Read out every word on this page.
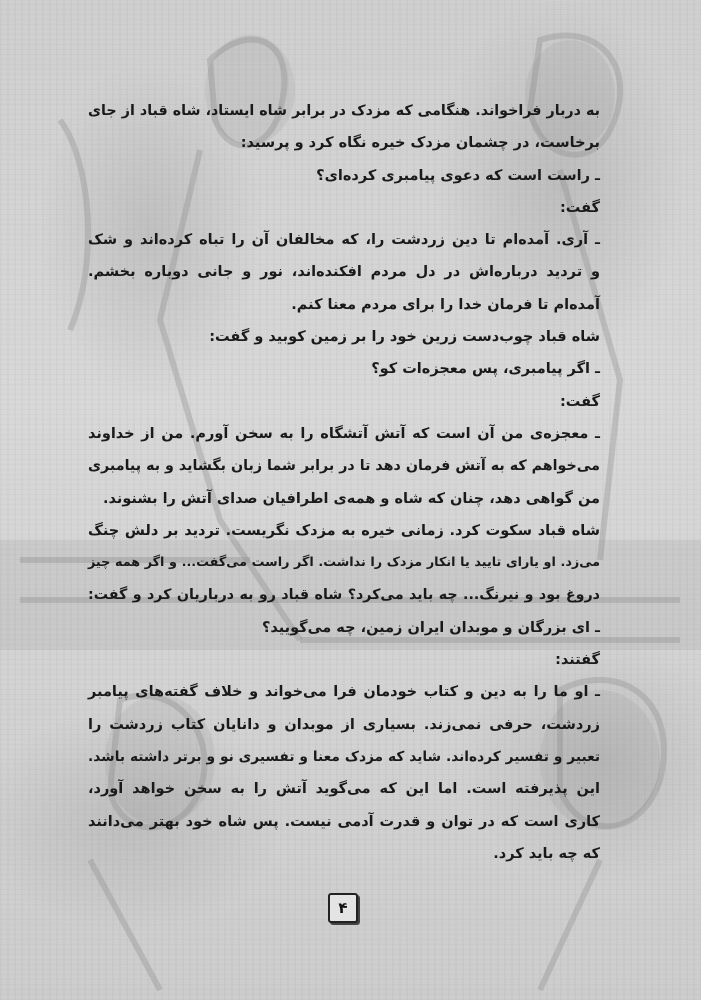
به دربار فراخواند. هنگامی که مزدک در برابر شاه ایستاد، شاه قباد از جای
برخاست، در چشمان مزدک خیره نگاه کرد و پرسید:
ـ راست است که دعوی پیامبری کرده‌ای؟
گفت:
ـ آری. آمده‌ام تا دین زردشت را، که مخالفان آن را تباه کرده‌اند و شک
و تردید درباره‌اش در دل مردم افکنده‌اند، نور و جانی دوباره بخشم.
آمده‌ام تا فرمان خدا را برای مردم معنا کنم.
شاه قباد چوب‌دست زرین خود را بر زمین کوبید و گفت:
ـ اگر پیامبری، پس معجزه‌ات کو؟
گفت:
ـ معجزه‌ی من آن است که آتش آتشگاه را به سخن آورم. من از خداوند
می‌خواهم که به آتش فرمان دهد تا در برابر شما زبان بگشاید و به پیامبری
من گواهی دهد، چنان که شاه و همه‌ی اطرافیان صدای آتش را بشنوند.
شاه قباد سکوت کرد. زمانی خیره به مزدک نگریست. تردید بر دلش چنگ
می‌زد. او یارای تایید یا انکار مزدک را نداشت. اگر راست می‌گفت... و اگر همه چیز
دروغ بود و نیرنگ... چه باید می‌کرد؟ شاه قباد رو به درباریان کرد و گفت:
ـ ای بزرگان و موبدان ایران زمین، چه می‌گویید؟
گفتند:
ـ او ما را به دین و کتاب خودمان فرا می‌خواند و خلاف گفته‌های پیامبر
زردشت، حرفی نمی‌زند. بسیاری از موبدان و دانایان کتاب زردشت را
تعبیر و تفسیر کرده‌اند. شاید که مزدک معنا و تفسیری نو و برتر داشته باشد.
این پذیرفته است. اما این که می‌گوید آتش را به سخن خواهد آورد،
کاری است که در توان و قدرت آدمی نیست. پس شاه خود بهتر می‌دانند
که چه باید کرد.
۴
